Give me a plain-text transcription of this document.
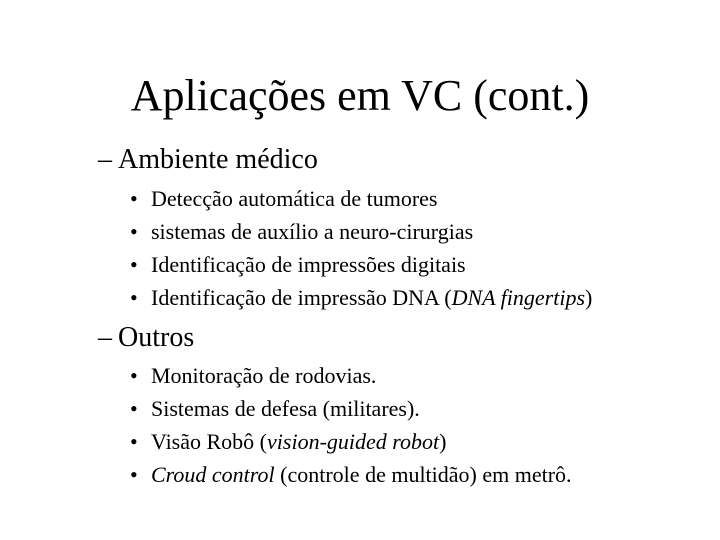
Aplicações em VC (cont.)
– Ambiente médico
• Detecção automática de tumores
• sistemas de auxílio a neuro-cirurgias
• Identificação de impressões digitais
• Identificação de impressão DNA (DNA fingertips)
– Outros
• Monitoração de rodovias.
• Sistemas de defesa (militares).
• Visão Robô (vision-guided robot)
• Croud control (controle de multidão) em metrô.
